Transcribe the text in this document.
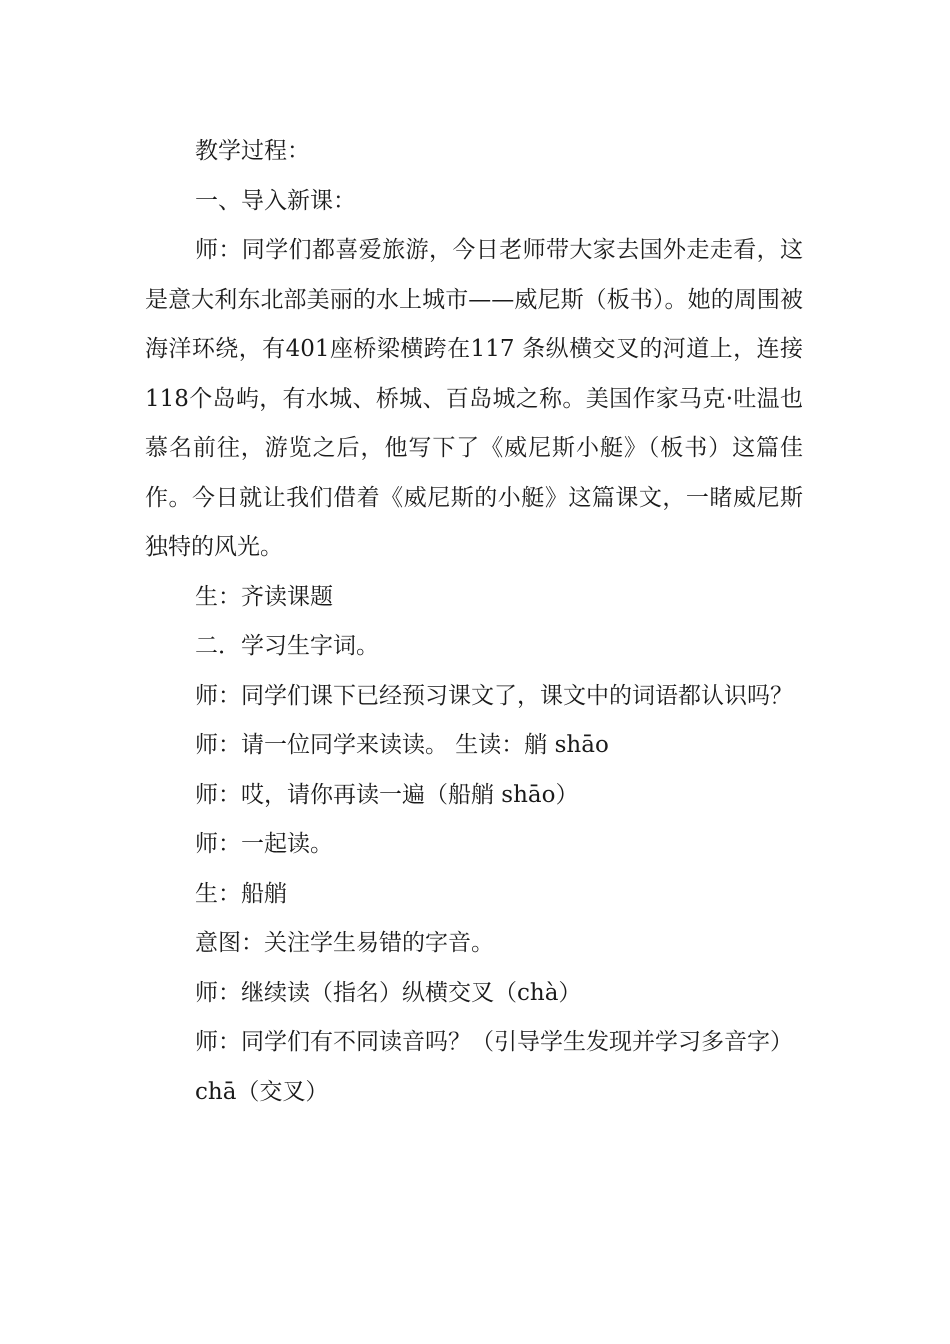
教学过程：

一、导入新课：

师：同学们都喜爱旅游，今日老师带大家去国外走走看，这是意大利东北部美丽的水上城市——威尼斯（板书）。她的周围被海洋环绕，有401座桥梁横跨在117 条纵横交叉的河道上，连接118个岛屿，有水城、桥城、百岛城之称。美国作家马克·吐温也慕名前往，游览之后，他写下了《威尼斯小艇》（板书）这篇佳作。今日就让我们借着《威尼斯的小艇》这篇课文，一睹威尼斯独特的风光。

生：齐读课题

二．学习生字词。

师：同学们课下已经预习课文了，课文中的词语都认识吗？

师：请一位同学来读读。 生读：艄 shāo

师：哎，请你再读一遍（船艄 shāo）

师：一起读。

生：船艄

意图：关注学生易错的字音。

师：继续读（指名）纵横交叉（chà）

师：同学们有不同读音吗？（引导学生发现并学习多音字）

chā（交叉）
